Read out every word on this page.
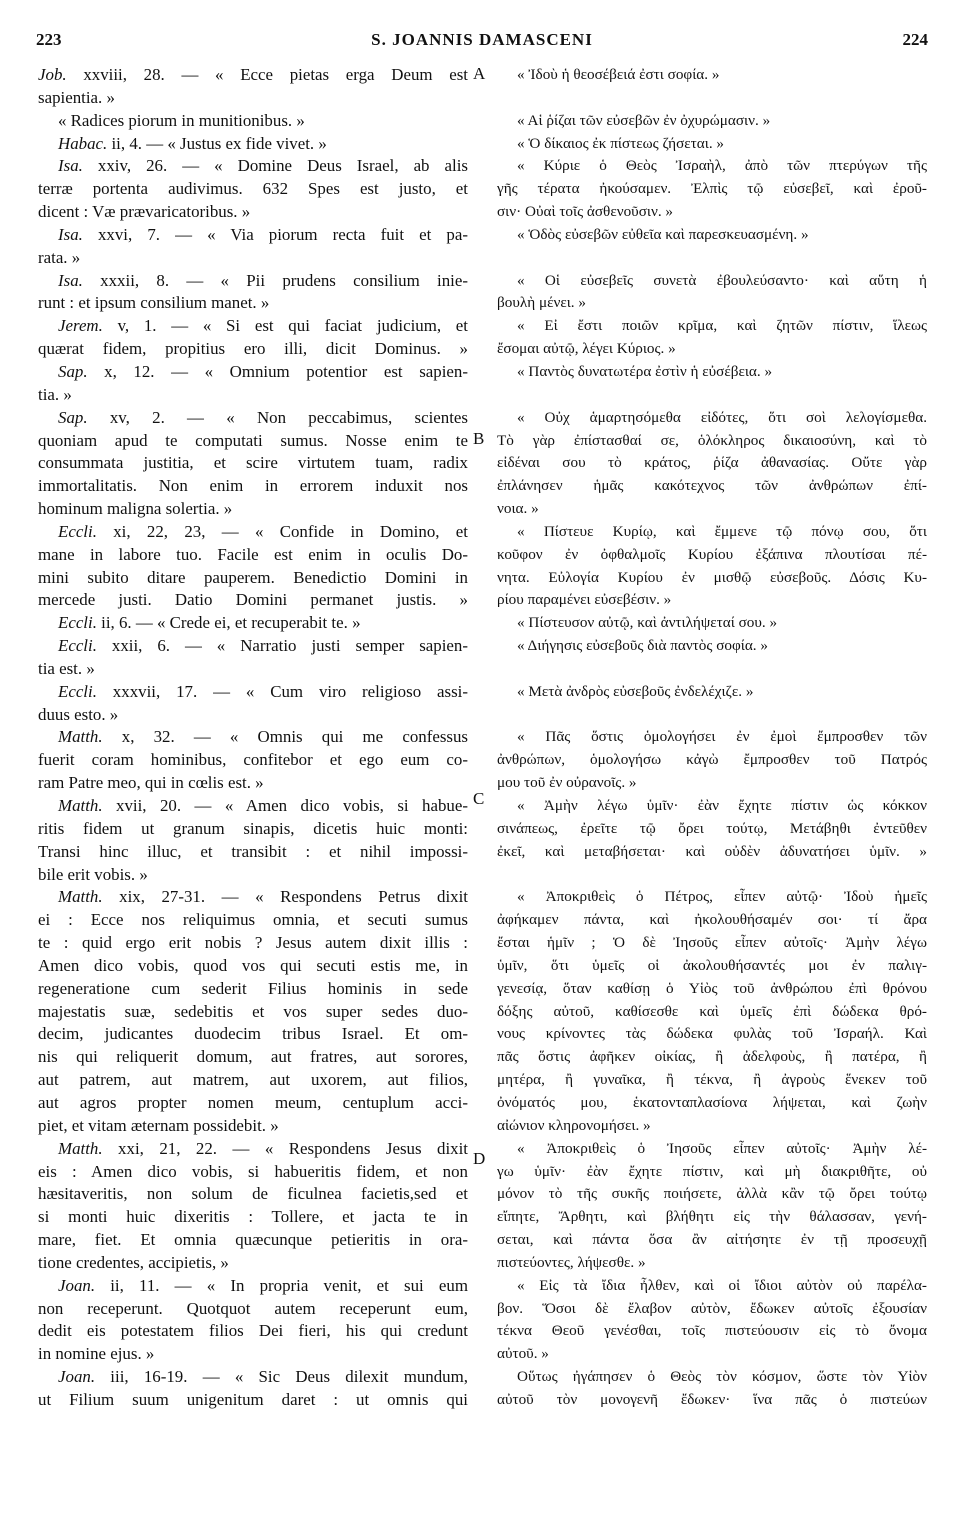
223	S. JOANNIS DAMASCENI	224
Job. xxviii, 28. — « Ecce pietas erga Deum est
sapientia. »
« Radices piorum in munitionibus. »
Habac. ii, 4. — « Justus ex fide vivet. »
Isa. xxiv, 26. — « Domine Deus Israel, ab alis
terræ portenta audivimus. 632 Spes est justo, et
dicent : Væ prævaricatoribus. »
Isa. xxvi, 7. — « Via piorum recta fuit et pa-
rata. »
Isa. xxxii, 8. — « Pii prudens consilium inie-
runt : et ipsum consilium manet. »
Jerem. v, 1. — « Si est qui faciat judicium, et
quærat fidem, propitius ero illi, dicit Dominus. »
Sap. x, 12. — « Omnium potentior est sapien-
tia. »
Sap. xv, 2. — « Non peccabimus, scientes
quoniam apud te computati sumus. Nosse enim te
consummata justitia, et scire virtutem tuam, radix
immortalitatis. Non enim in errorem induxit nos
hominum maligna solertia. »
Eccli. xi, 22, 23, — « Confide in Domino, et
mane in labore tuo. Facile est enim in oculis Do-
mini subito ditare pauperem. Benedictio Domini in
mercede justi. Datio Domini permanet justis. »
Eccli. ii, 6. — « Crede ei, et recuperabit te. »
Eccli. xxii, 6. — « Narratio justi semper sapien-
tia est. »
Eccli. xxxvii, 17. — « Cum viro religioso assi-
duus esto. »
Matth. x, 32. — « Omnis qui me confessus
fuerit coram hominibus, confitebor et ego eum co-
ram Patre meo, qui in cœlis est. »
Matth. xvii, 20. — « Amen dico vobis, si habue-
ritis fidem ut granum sinapis, dicetis huic monti:
Transi hinc illuc, et transibit : et nihil impossi-
bile erit vobis. »
Matth. xix, 27-31. — « Respondens Petrus dixit
ei : Ecce nos reliquimus omnia, et secuti sumus
te : quid ergo erit nobis ? Jesus autem dixit illis :
Amen dico vobis, quod vos qui secuti estis me, in
regeneratione cum sederit Filius hominis in sede
majestatis suæ, sedebitis et vos super sedes duo-
decim, judicantes duodecim tribus Israel. Et om-
nis qui reliquerit domum, aut fratres, aut sorores,
aut patrem, aut matrem, aut uxorem, aut filios,
aut agros propter nomen meum, centuplum acci-
piet, et vitam æternam possidebit. »
Matth. xxi, 21, 22. — « Respondens Jesus dixit
eis : Amen dico vobis, si habueritis fidem, et non
hæsitaveritis, non solum de ficulnea facietis,sed et
si monti huic dixeritis : Tollere, et jacta te in
mare, fiet. Et omnia quæcunque petieritis in ora-
tione credentes, accipietis, »
Joan. ii, 11. — « In propria venit, et sui eum
non receperunt. Quotquot autem receperunt eum,
dedit eis potestatem filios Dei fieri, his qui credunt
in nomine ejus. »
Joan. iii, 16-19. — « Sic Deus dilexit mundum,
ut Filium suum unigenitum daret : ut omnis qui
« Ἰδοὺ ἡ θεοσέβειά ἐστι σοφία. »
« Αἱ ῥίζαι τῶν εὐσεβῶν ἐν ὀχυρώμασιν. »
« Ὁ δίκαιος ἐκ πίστεως ζήσεται. »
« Κύριε ὁ Θεὸς Ἰσραὴλ, ἀπὸ τῶν πτερύγων τῆς
γῆς τέρατα ἠκούσαμεν. Ἐλπὶς τῷ εὐσεβεῖ, καὶ ἐροῦ-
σιν· Οὐαὶ τοῖς ἀσθενοῦσιν. »
« Ὁδὸς εὐσεβῶν εὐθεῖα καὶ παρεσκευασμένη. »
« Οἱ εὐσεβεῖς συνετὰ ἐβουλεύσαντο· καὶ αὕτη ἡ
βουλὴ μένει. »
« Εἰ ἔστι ποιῶν κρῖμα, καὶ ζητῶν πίστιν, ἵλεως
ἔσομαι αὐτῷ, λέγει Κύριος. »
« Παντὸς δυνατωτέρα ἐστὶν ἡ εὐσέβεια. »
« Οὐχ ἁμαρτησόμεθα εἰδότες, ὅτι σοὶ λελογίσμεθα.
Τὸ γὰρ ἐπίστασθαί σε, ὁλόκληρος δικαιοσύνη, καὶ τὸ
εἰδέναι σου τὸ κράτος, ῥίζα ἀθανασίας. Οὔτε γὰρ
ἐπλάνησεν ἡμᾶς κακότεχνος τῶν ἀνθρώπων ἐπί-
νοια. »
« Πίστευε Κυρίῳ, καὶ ἔμμενε τῷ πόνῳ σου, ὅτι
κοῦφον ἐν ὀφθαλμοῖς Κυρίου ἐξάπινα πλουτίσαι πέ-
νητα. Εὐλογία Κυρίου ἐν μισθῷ εὐσεβοῦς. Δόσις Κυ-
ρίου παραμένει εὐσεβέσιν. »
« Πίστευσον αὐτῷ, καὶ ἀντιλήψεταί σου. »
« Διήγησις εὐσεβοῦς διὰ παντὸς σοφία. »
« Μετὰ ἀνδρὸς εὐσεβοῦς ἐνδελέχιζε. »
« Πᾶς ὅστις ὁμολογήσει ἐν ἐμοὶ ἔμπροσθεν τῶν
ἀνθρώπων, ὁμολογήσω κἀγὼ ἔμπροσθεν τοῦ Πατρός
μου τοῦ ἐν οὐρανοῖς. »
« Ἀμὴν λέγω ὑμῖν· ἐὰν ἔχητε πίστιν ὡς κόκκον
σινάπεως, ἐρεῖτε τῷ ὄρει τούτῳ, Μετάβηθι ἐντεῦθεν
ἐκεῖ, καὶ μεταβήσεται· καὶ οὐδὲν ἀδυνατήσει ὑμῖν. »
« Ἀποκριθεὶς ὁ Πέτρος, εἶπεν αὐτῷ· Ἰδοὺ ἡμεῖς
ἀφήκαμεν πάντα, καὶ ἠκολουθήσαμέν σοι· τί ἄρα
ἔσται ἡμῖν ; Ὁ δὲ Ἰησοῦς εἶπεν αὐτοῖς· Ἀμὴν λέγω
ὑμῖν, ὅτι ὑμεῖς οἱ ἀκολουθήσαντές μοι ἐν παλιγ-
γενεσίᾳ, ὅταν καθίσῃ ὁ Υἱὸς τοῦ ἀνθρώπου ἐπὶ θρόνου
δόξης αὐτοῦ, καθίσεσθε καὶ ὑμεῖς ἐπὶ δώδεκα θρό-
νους κρίνοντες τὰς δώδεκα φυλὰς τοῦ Ἰσραήλ. Καὶ
πᾶς ὅστις ἀφῆκεν οἰκίας, ἢ ἀδελφοὺς, ἢ πατέρα, ἢ
μητέρα, ἢ γυναῖκα, ἢ τέκνα, ἢ ἀγροὺς ἕνεκεν τοῦ
ὀνόματός μου, ἑκατονταπλασίονα λήψεται, καὶ ζωὴν
αἰώνιον κληρονομήσει. »
« Ἀποκριθεὶς ὁ Ἰησοῦς εἶπεν αὐτοῖς· Ἀμὴν λέ-
γω ὑμῖν· ἐὰν ἔχητε πίστιν, καὶ μὴ διακριθῆτε, οὐ
μόνον τὸ τῆς συκῆς ποιήσετε, ἀλλὰ κἂν τῷ ὄρει τούτῳ
εἴπητε, Ἄρθητι, καὶ βλήθητι εἰς τὴν θάλασσαν, γενή-
σεται, καὶ πάντα ὅσα ἂν αἰτήσητε ἐν τῇ προσευχῇ
πιστεύοντες, λήψεσθε. »
« Εἰς τὰ ἴδια ἦλθεν, καὶ οἱ ἴδιοι αὐτὸν οὐ παρέλα-
βον. Ὅσοι δὲ ἔλαβον αὐτὸν, ἔδωκεν αὐτοῖς ἐξουσίαν
τέκνα Θεοῦ γενέσθαι, τοῖς πιστεύουσιν εἰς τὸ ὄνομα
αὐτοῦ. »
Οὕτως ἠγάπησεν ὁ Θεὸς τὸν κόσμον, ὥστε τὸν Υἱὸν
αὐτοῦ τὸν μονογενῆ ἔδωκεν· ἵνα πᾶς ὁ πιστεύων
A
B
C
D
